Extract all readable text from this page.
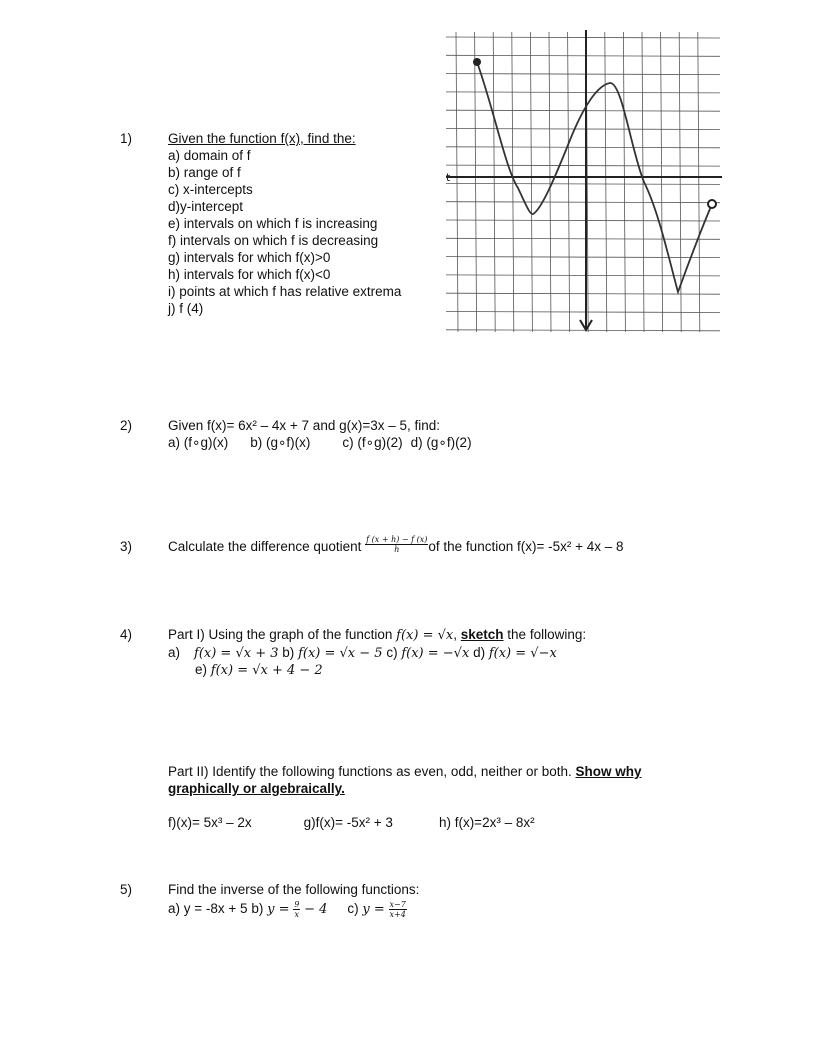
1)	Given the function f(x), find the:
a) domain of f
b) range of f
c) x-intercepts
d)y-intercept
e) intervals on which f is increasing
f) intervals on which f is decreasing
g) intervals for which f(x)>0
h) intervals for which f(x)<0
i) points at which f has relative extrema
j) f (4)
t
2)	Given f(x)= 6x² – 4x + 7 and g(x)=3x – 5, find:
a) (f∘g)(x) b) (g∘f)(x) c) (f∘g)(2) d) (g∘f)(2)
3)	Calculate the difference quotient $\frac{f (x + h) - f (x)}{h}$ of the function f(x)= -5x² + 4x – 8
4)	Part I) Using the graph of the function f(x) = √x, sketch the following:
a) f(x) = √x + 3 b) f(x) = √x − 5 c) f(x) = −√x d) f(x) = √−x
e) f(x) = √x + 4 − 2
Part II) Identify the following functions as even, odd, neither or both. Show why
graphically or algebraically.
f)(x)= 5x³ – 2x	g)f(x)= -5x² + 3	h) f(x)=2x³ – 8x²
5)	Find the inverse of the following functions:
a) y = -8x + 5 b) $y = \frac{9}{x} - 4$ c) $y = \frac{x-7}{x+4}$
